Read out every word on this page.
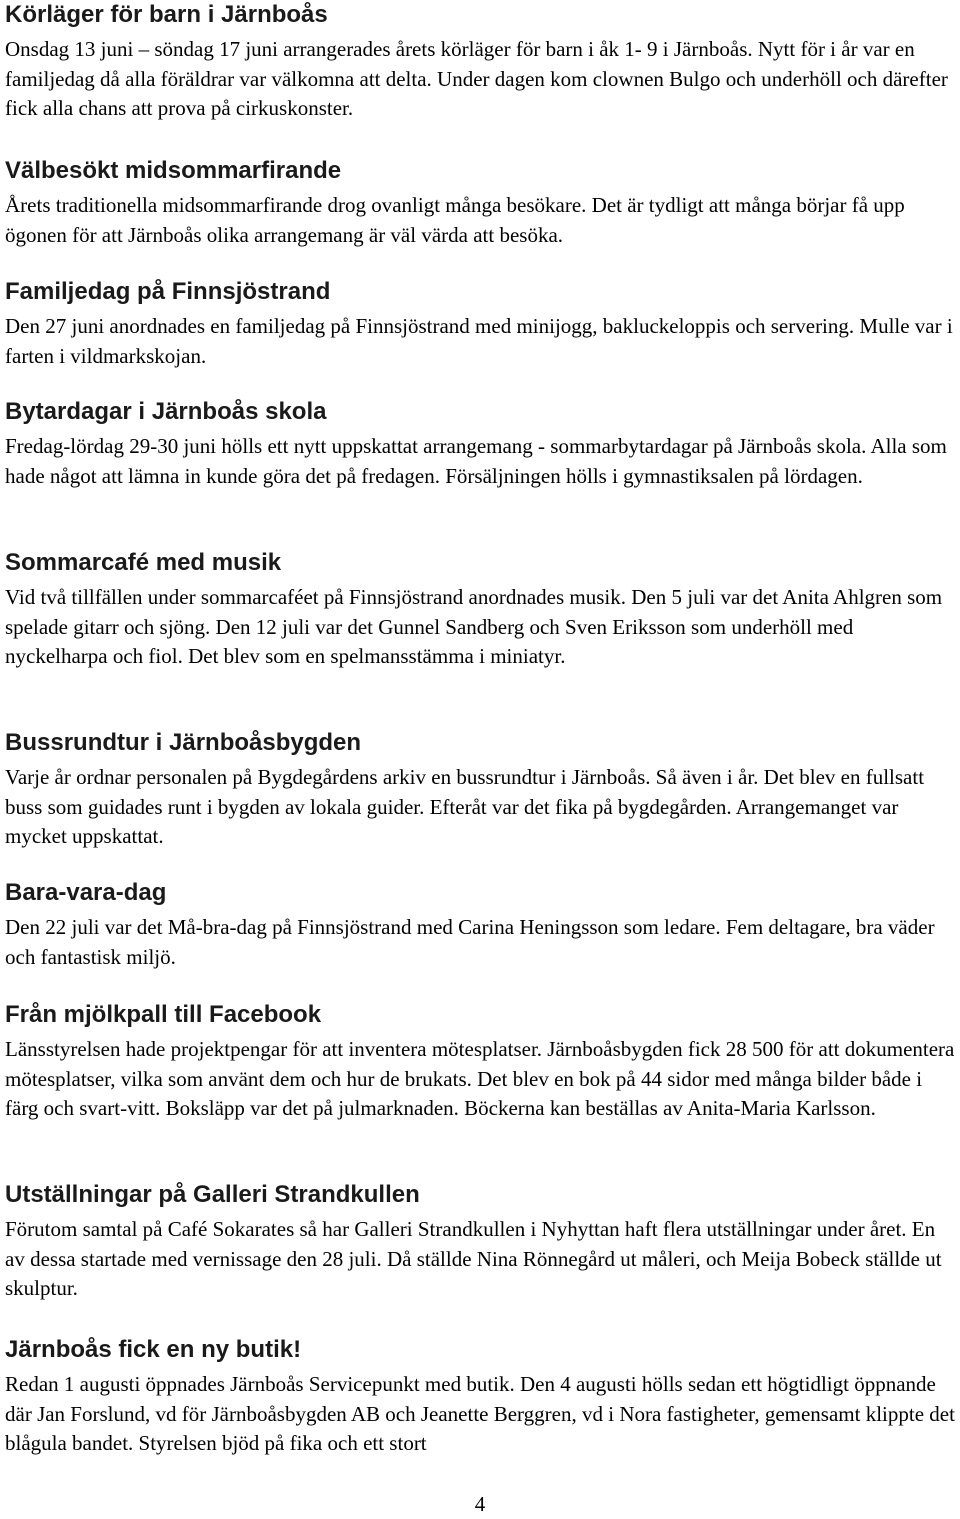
Körläger för barn i Järnboås

Onsdag 13 juni – söndag 17 juni arrangerades årets körläger för barn i åk 1- 9 i Järnboås. Nytt för i år var en familjedag då alla föräldrar var välkomna att delta. Under dagen kom clownen Bulgo och underhöll och därefter fick alla chans att prova på cirkuskonster.

Välbesökt midsommarfirande

Årets traditionella midsommarfirande drog ovanligt många besökare. Det är tydligt att många börjar få upp ögonen för att Järnboås olika arrangemang är väl värda att besöka.

Familjedag på Finnsjöstrand

Den 27 juni anordnades en familjedag på Finnsjöstrand med minijogg, bakluckeloppis och servering. Mulle var i farten i vildmarkskojan.

Bytardagar i Järnboås skola

Fredag-lördag 29-30 juni hölls ett nytt uppskattat arrangemang - sommarbytardagar på Järnboås skola. Alla som hade något att lämna in kunde göra det på fredagen. Försäljningen hölls i gymnastiksalen på lördagen.

Sommarcafé med musik

Vid två tillfällen under sommarcaféet på Finnsjöstrand anordnades musik. Den 5 juli var det Anita Ahlgren som spelade gitarr och sjöng. Den 12 juli var det Gunnel Sandberg och Sven Eriksson som underhöll med nyckelharpa och fiol. Det blev som en spelmansstämma i miniatyr.

Bussrundtur i Järnboåsbygden

Varje år ordnar personalen på Bygdegårdens arkiv en bussrundtur i Järnboås. Så även i år. Det blev en fullsatt buss som guidades runt i bygden av lokala guider. Efteråt var det fika på bygdegården. Arrangemanget var mycket uppskattat.

Bara-vara-dag

Den 22 juli var det Må-bra-dag på Finnsjöstrand med Carina Heningsson som ledare. Fem deltagare, bra väder och fantastisk miljö.

Från mjölkpall till Facebook

Länsstyrelsen hade projektpengar för att inventera mötesplatser. Järnboåsbygden fick 28 500 för att dokumentera mötesplatser, vilka som använt dem och hur de brukats. Det blev en bok på 44 sidor med många bilder både i färg och svart-vitt. Boksläpp var det på julmarknaden. Böckerna kan beställas av Anita-Maria Karlsson.

Utställningar på Galleri Strandkullen

Förutom samtal på Café Sokarates så har Galleri Strandkullen i Nyhyttan haft flera utställningar under året. En av dessa startade med vernissage den 28 juli. Då ställde Nina Rönnegård ut måleri, och Meija Bobeck ställde ut skulptur.

Järnboås fick en ny butik!

Redan 1 augusti öppnades Järnboås Servicepunkt med butik. Den 4 augusti hölls sedan ett högtidligt öppnande där Jan Forslund, vd för Järnboåsbygden AB och Jeanette Berggren, vd i Nora fastigheter, gemensamt klippte det blågula bandet. Styrelsen bjöd på fika och ett stort

4
